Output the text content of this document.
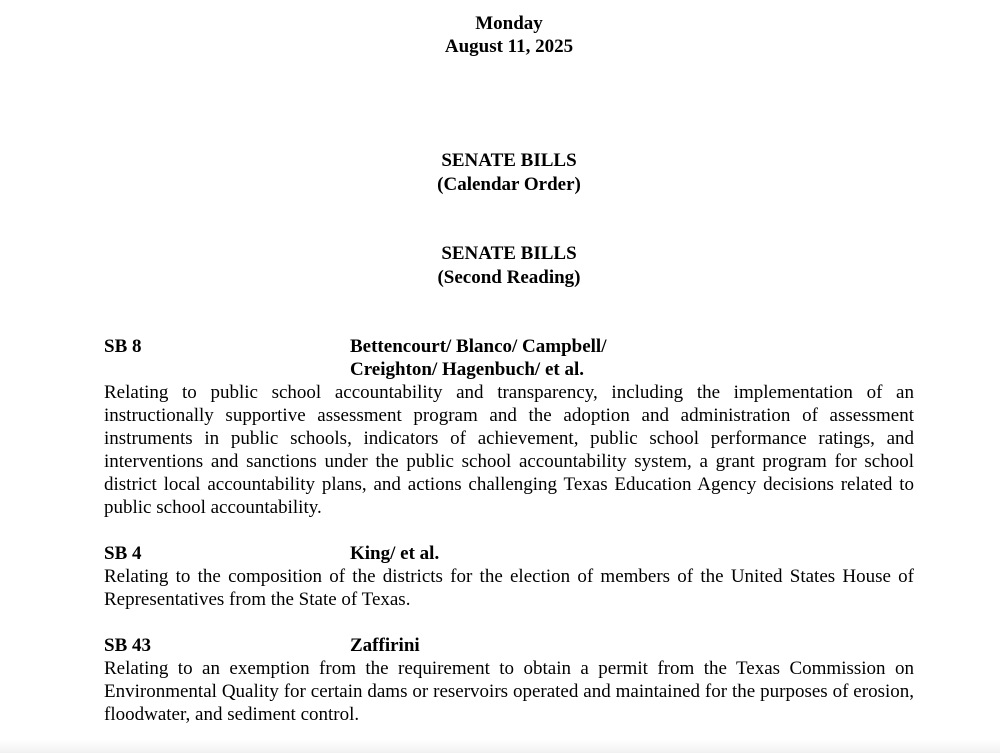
Monday
August 11, 2025
SENATE BILLS
(Calendar Order)
SENATE BILLS
(Second Reading)
SB 8	Bettencourt/ Blanco/ Campbell/
Creighton/ Hagenbuch/ et al.
Relating to public school accountability and transparency, including the implementation of an instructionally supportive assessment program and the adoption and administration of assessment instruments in public schools, indicators of achievement, public school performance ratings, and interventions and sanctions under the public school accountability system, a grant program for school district local accountability plans, and actions challenging Texas Education Agency decisions related to public school accountability.
SB 4	King/ et al.
Relating to the composition of the districts for the election of members of the United States House of Representatives from the State of Texas.
SB 43	Zaffirini
Relating to an exemption from the requirement to obtain a permit from the Texas Commission on Environmental Quality for certain dams or reservoirs operated and maintained for the purposes of erosion, floodwater, and sediment control.
